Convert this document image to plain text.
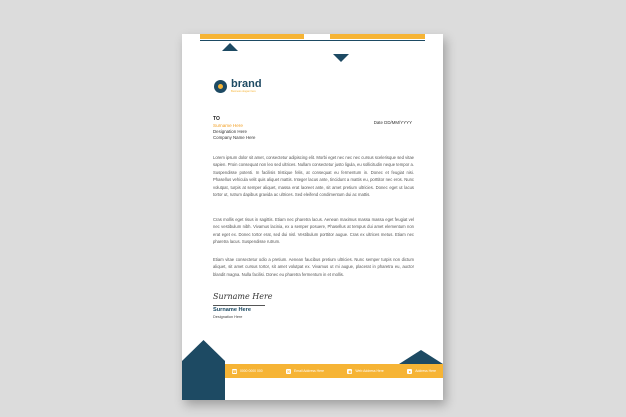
brand
Business slogan here
TO
Surname Here
Designation Here
Company Name Here
Date DD/MM/YYYY

Lorem ipsum dolor sit amet, consectetur adipiscing elit. Morbi eget nec nec nec cursus scelerisque sed vitae sapien. Proin consequat non leo sed ultrices. Nullam consectetur justo ligula, eu sollicitudin neque tempor a. Suspendisse potenti. In facilisis tristique felis, at consequat eu fermentum in. Donec et feugiat nisi. Phasellus vehicula velit quis aliquet mattis. Integer lacus ante, tincidunt a mattis eu, porttitor nec eros. Nunc volutpat, turpis at semper aliquet, massa erat laoreet ante, sit amet pretium ultricies. Donec eget ut lacus tortor ut, rutrum dapibus gravida ac ultrices. Sed eleifend condimentum dui ac mattis.

Cras mollis eget risus in sagittis. Etiam nec pharetra lacus. Aenean maximus massa massa eget feugiat vel nec vestibulum nibh. Vivamus lacinia, ex a semper posuere, Phasellus at tempus dui amet elementum non erat eget ex. Donec tortor erat, sed dui nisl. Vestibulum porttitor augue. Cras ex ultrices metus. Etiam nec pharetra lacus. Suspendisse rutrum.

Etiam vitae consectetur odio a pretium. Aenean faucibus pretium ultricies. Nunc semper turpis non dictum aliquet, sit amet cursus tortor, sit amet volutpat ex. Vivamus ut mi augue, placerat in pharetra eu, auctor blandit magna. Nulla facilisi. Donec eu pharetra fermentum in et mollis.

Surname Here
Surname Here
Designation Here
☎ 0000 0000 000	✉ Email Address Here	◉ Web Address Here	●	Address Here
